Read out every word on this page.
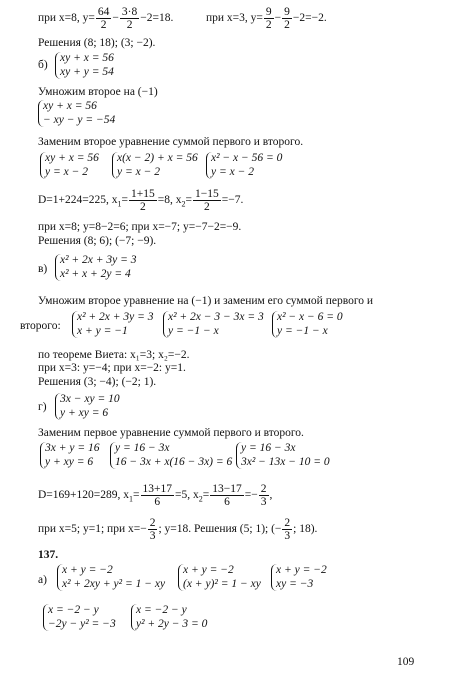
при x=8, $y= \frac{64}{2} - \frac{3\cdot 8}{2} -2=18$.	при x=3, $y= \frac{9}{2} - \frac{9}{2} -2=-2$.
Решения (8; 18); (3; −2).
б)
xy + x = 56
xy + y = 54
Умножим второе на (−1)
xy + x = 56
− xy − y = −54
Заменим второе уравнение суммой первого и второго.
xy + x = 56
y = x − 2
x(x − 2) + x = 56
y = x − 2
x² − x − 56 = 0
y = x − 2
D=1+224=225, $x_1= \frac{1+15}{2} =8$, $x_2= \frac{1-15}{2} =-7$.
при x=8; y=8−2=6; при x=−7; y=−7−2=−9.
Решения (8; 6); (−7; −9).
в)
x² + 2x + 3y = 3
x² + x + 2y = 4
Умножим второе уравнение на (−1) и заменим его суммой первого и
второго:
x² + 2x + 3y = 3
x + y = −1
x² + 2x − 3 − 3x = 3
y = −1 − x
x² − x − 6 = 0
y = −1 − x
по теореме Виета: x₁=3; x₂=−2.
при x=3: y=−4; при x=−2: y=1.
Решения (3; −4); (−2; 1).
г)
3x − xy = 10
y + xy = 6
Заменим первое уравнение суммой первого и второго.
3x + y = 16
y + xy = 6
y = 16 − 3x
16 − 3x + x(16 − 3x) = 6
y = 16 − 3x
3x² − 13x − 10 = 0
D=169+120=289, $x_1= \frac{13+17}{6} =5$, $x_2= \frac{13-17}{6} =- \frac{2}{3}$ ,
при x=5; y=1; при $x=- \frac{2}{3}$ ; y=18. Решения (5; 1); (− $\frac{2}{3}$ ; 18).
137.
а)
x + y = −2
x² + 2xy + y² = 1 − xy
x + y = −2
(x + y)² = 1 − xy
x + y = −2
xy = −3
x = −2 − y
−2y − y² = −3
x = −2 − y
y² + 2y − 3 = 0
109
